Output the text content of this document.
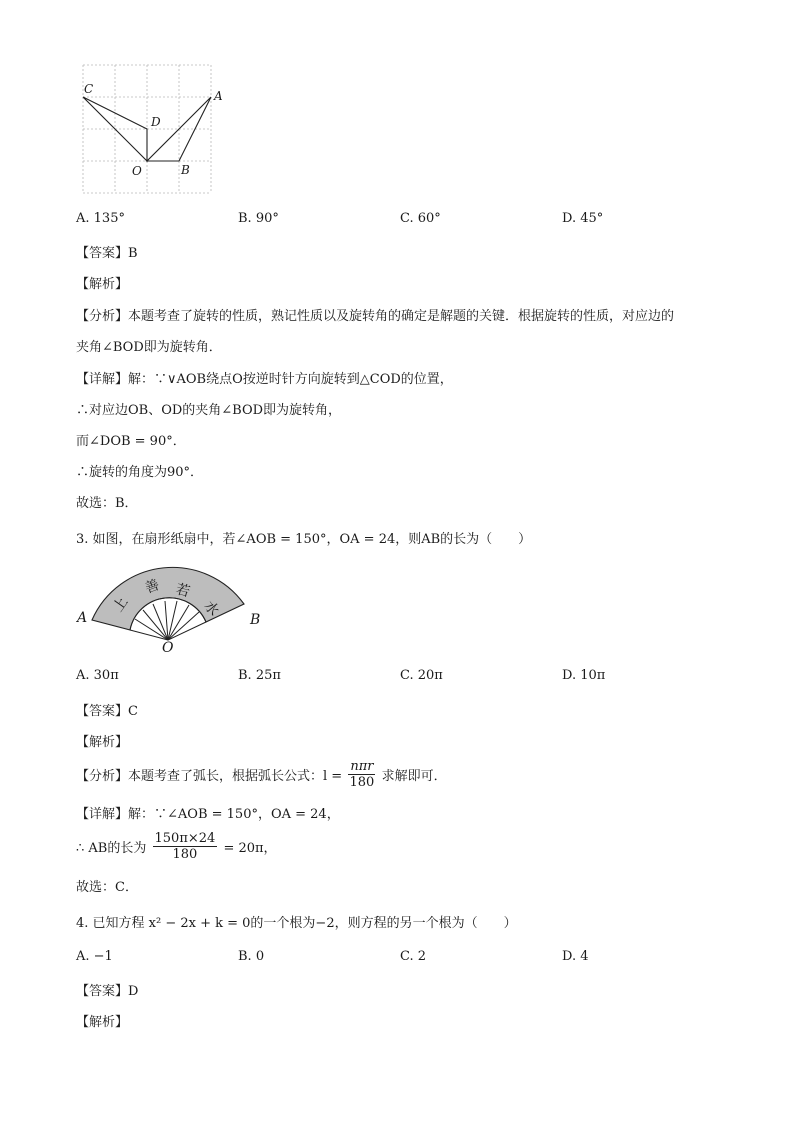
C
D
A
O	B
A. 135°	B. 90°	C. 60°	D. 45°
【答案】B
【解析】
【分析】本题考查了旋转的性质，熟记性质以及旋转角的确定是解题的关键．根据旋转的性质，对应边的
夹角∠BOD即为旋转角．
【详解】解：∵∨AOB绕点O按逆时针方向旋转到△COD的位置，
∴对应边OB、OD的夹角∠BOD即为旋转角，
而∠DOB = 90°．
∴旋转的角度为90°．
故选：B．
3. 如图，在扇形纸扇中，若∠AOB = 150°，OA = 24，则AB的长为（　　）
上
善 若
水
A	B
O
A. 30π	B. 25π	C. 20π	D. 10π
【答案】C
【解析】
【分析】本题考查了弧长，根据弧长公式：l =
nπr
180 求解即可．
【详解】解：∵∠AOB = 150°，OA = 24，
∴ AB的长为 $\frac{150\pi\times 24}{180} = 20\pi$，
故选：C．
4. 已知方程 x² − 2x + k = 0的一个根为−2，则方程的另一个根为（　　）
A. −1	B. 0	C. 2	D. 4
【答案】D
【解析】
